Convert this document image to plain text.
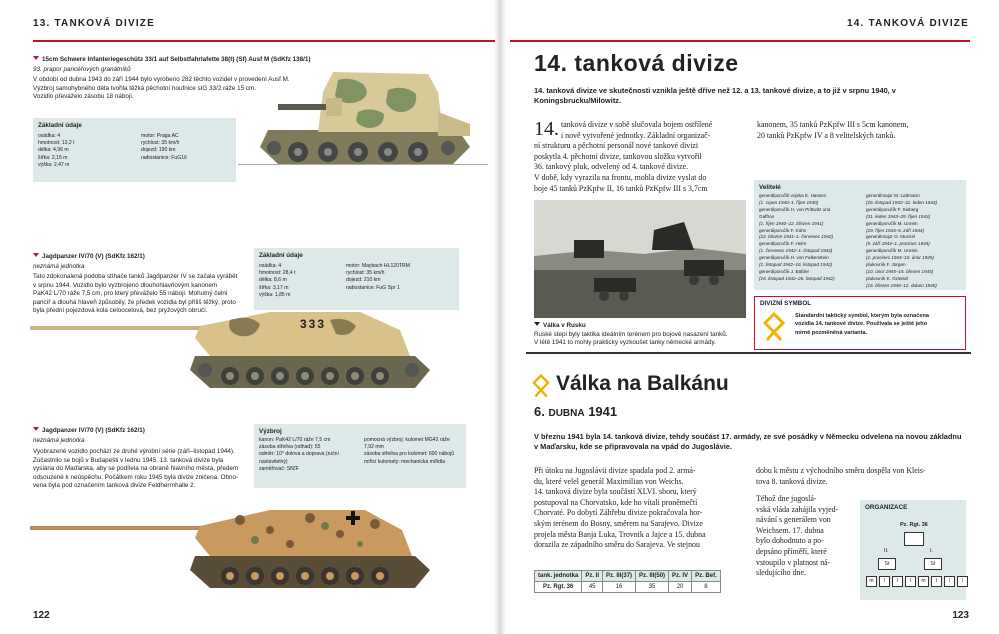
13. TANKOVÁ DIVIZE
15cm Schwere Infanteriegeschütz 33/1 auf Selbstfahrlafette 38(t) (Sf) Ausf M (SdKfz 138/1)
93. prapor pancéřových granátníků
V období od dubna 1943 do září 1944 bylo vyrobeno 282 těchto vozidel v provedení Ausf M.
Výzbroj samohybného děla tvořila těžká pěchotní houfnice sIG 33/2 ráže 15 cm.
Vozidlo převáželo zásobu 18 náboji.
Základní údaje
osádka: 4
hmotnost: 13,2 t
délka: 4,96 m
šířka: 2,15 m
výška: 2,47 m
motor: Praga AC
rychlost: 35 km/h
dojezd: 190 km
radiostanice: FuG16
Jagdpanzer IV/70 (V) (SdKfz 162/1)
neznámá jednotka
Tato zdokonalená podoba stíhače tanků Jagdpanzer IV se začala vyrábět
v srpnu 1944. Vozidlo bylo vyzbrojeno dlouhohlavňovým kanonem
PaK42 L/70 ráže 7,5 cm, pro který převáželo 55 náboji. Mohutný čelní
pancíř a dlouhá hlaveň způsobily, že předek vozidla byl příliš těžký, proto
byla přední pojezdová kola celoocelová, bez pryžových obručí.
Základní údaje
osádka: 4
hmotnost: 28,4 t
délka: 8,6 m
šířka: 3,17 m
výška: 1,85 m
motor: Maybach HL120TRM
rychlost: 35 km/h
dojezd: 210 km
radiostanice: FuG Spr 1
333
Jagdpanzer IV/70 (V) (SdKfz 162/1)
neznámá jednotka
Vyobrazené vozidlo pochází ze druhé výrobní série (září–listopad 1944).
Zúčastnilo se bojů v Budapešti v lednu 1945. 13. tanková divize byla
vyslána do Maďarska, aby se podílela na obraně hlavního města, předem
odsouzené k neúspěchu. Počátkem roku 1945 byla divize zničena. Obno-
vena byla pod označením tanková divize Feldherrnhalle 2.
Výzbroj
kanon: PaK42 L/70 ráže 7,5 cm
zásoba střeliva (odhad): 55
odměr: 10° dolova a doprava (ruční
nastavitelný)
zaměřovač: SflZF
pomocná výzbroj: kulomet MG42 ráže
7,92 mm
zásoba střeliva pro kulomet: 600 nábojů
mířicí kulomety: mechanická mířidla
122
14. TANKOVÁ DIVIZE
14. tanková divize
14. tanková divize ve skutečnosti vznikla ještě dříve než 12. a 13. tankové divize, a to již v srpnu 1940, v Koningsbrucku/Milowitz.
14. tanková divize v sobě slučovala bojem ostřílené
i nově vytvořené jednotky. Základní organizač-
ní strukturu a pěchotní personál nové tankové divizi
poskytla 4. pěchotní divize, tankovou složku vytvořil
36. tankový pluk, odvelený od 4. tankové divize.
V době, kdy vyrazila na frontu, mohla divize vyslat do
boje 45 tanků PzKpfw II, 16 tanků PzKpfw III s 3,7cm
kanonem, 35 tanků PzKpfw III s 5cm kanonem,
20 tanků PzKpfw IV a 8 velitelských tanků.
Válka v Rusku
Ruské stepi byly taktika ideálním terénem pro bojové nasazení tanků.
V létě 1941 to mohly prakticky vyzkoušet tanky německé armády.
Velitelé
generálporučík vojska E. Hansen
(1. srpen 1940–1. říjen 1940)
generálporučík H. von Prittwitz und
Gaffron
(1. říjen 1940–22. březen 1941)
generálporučík F. Kühn
(22. březen 1941–1. červenec 1942)
generálporučík F. Heim
(1. červenec 1942–1. listopad 1942)
generálporučík H. von Falkenstein
(1. listopad 1942–16. listopad 1942)
generálporučík J. Bäßler
(16. listopad 1942–26. listopad 1942)
generálmajor M. Lattmann
(26. listopad 1942–31. leden 1943)
generálporučík F. Sieberg
(31. leden 1943–29. říjen 1943)
generálporučík M. Unrein
(29. říjen 1943–5. září 1944)
generálmajor O. Munzel
(5. září 1944–1. prosinec 1944)
generálporučík M. Unrein
(1. prosinec 1944–10. únor 1945)
plukovník F. Jürgen
(10. únor 1945–15. březen 1945)
plukovník K. Grässel
(15. březen 1945–12. duben 1945)
DIVIZNÍ SYMBOL
Standardní taktický symbol, kterým byla označena
vozidla 14. tankové divize. Používala se ještě jeho
mírně pozměněná varianta.
Válka na Balkánu
6. DUBNA 1941
V březnu 1941 byla 14. tanková divize, tehdy součást 17. armády, ze své posádky v Německu odvelena na novou základnu v Maďarsku, kde se připravovala na vpád do Jugoslávie.
Při útoku na Jugoslávii divize spadala pod 2. armá-
du, které velel generál Maximilian von Weichs.
14. tanková divize byla součástí XLVI. sboru, který
postupoval na Chorvatsko, kde ho vítali proněmečtí
Chorvaté. Po dobytí Záhřebu divize pokračovala hor-
ským terénem do Bosny, směrem na Sarajevo. Divize
projela města Banja Luka, Trovnik a Jajce a 15. dubna
dorazila ze západního směru do Sarajeva. Ve stejnou
dobu k městu z východního směru dospěla von Kleis-
tova 8. tanková divize.
Téhož dne jugoslá-
vská vláda zahájila vyjed-
návání s generálem von
Weichsem. 17. dubna
bylo dohodnuto a po-
depsáno příměří, které
vstoupilo v platnost ná-
sledujícího dne.
ORGANIZACE
Pz. Rgt. 36
II.	I.
St	St
m	l	l	l	m	l	l	l
tank. jednotka	Pz. II	Pz. III(37)	Pz. III(50)	Pz. IV	Pz. Bef.
Pz. Rgt. 36	45	16	35	20	8
123
